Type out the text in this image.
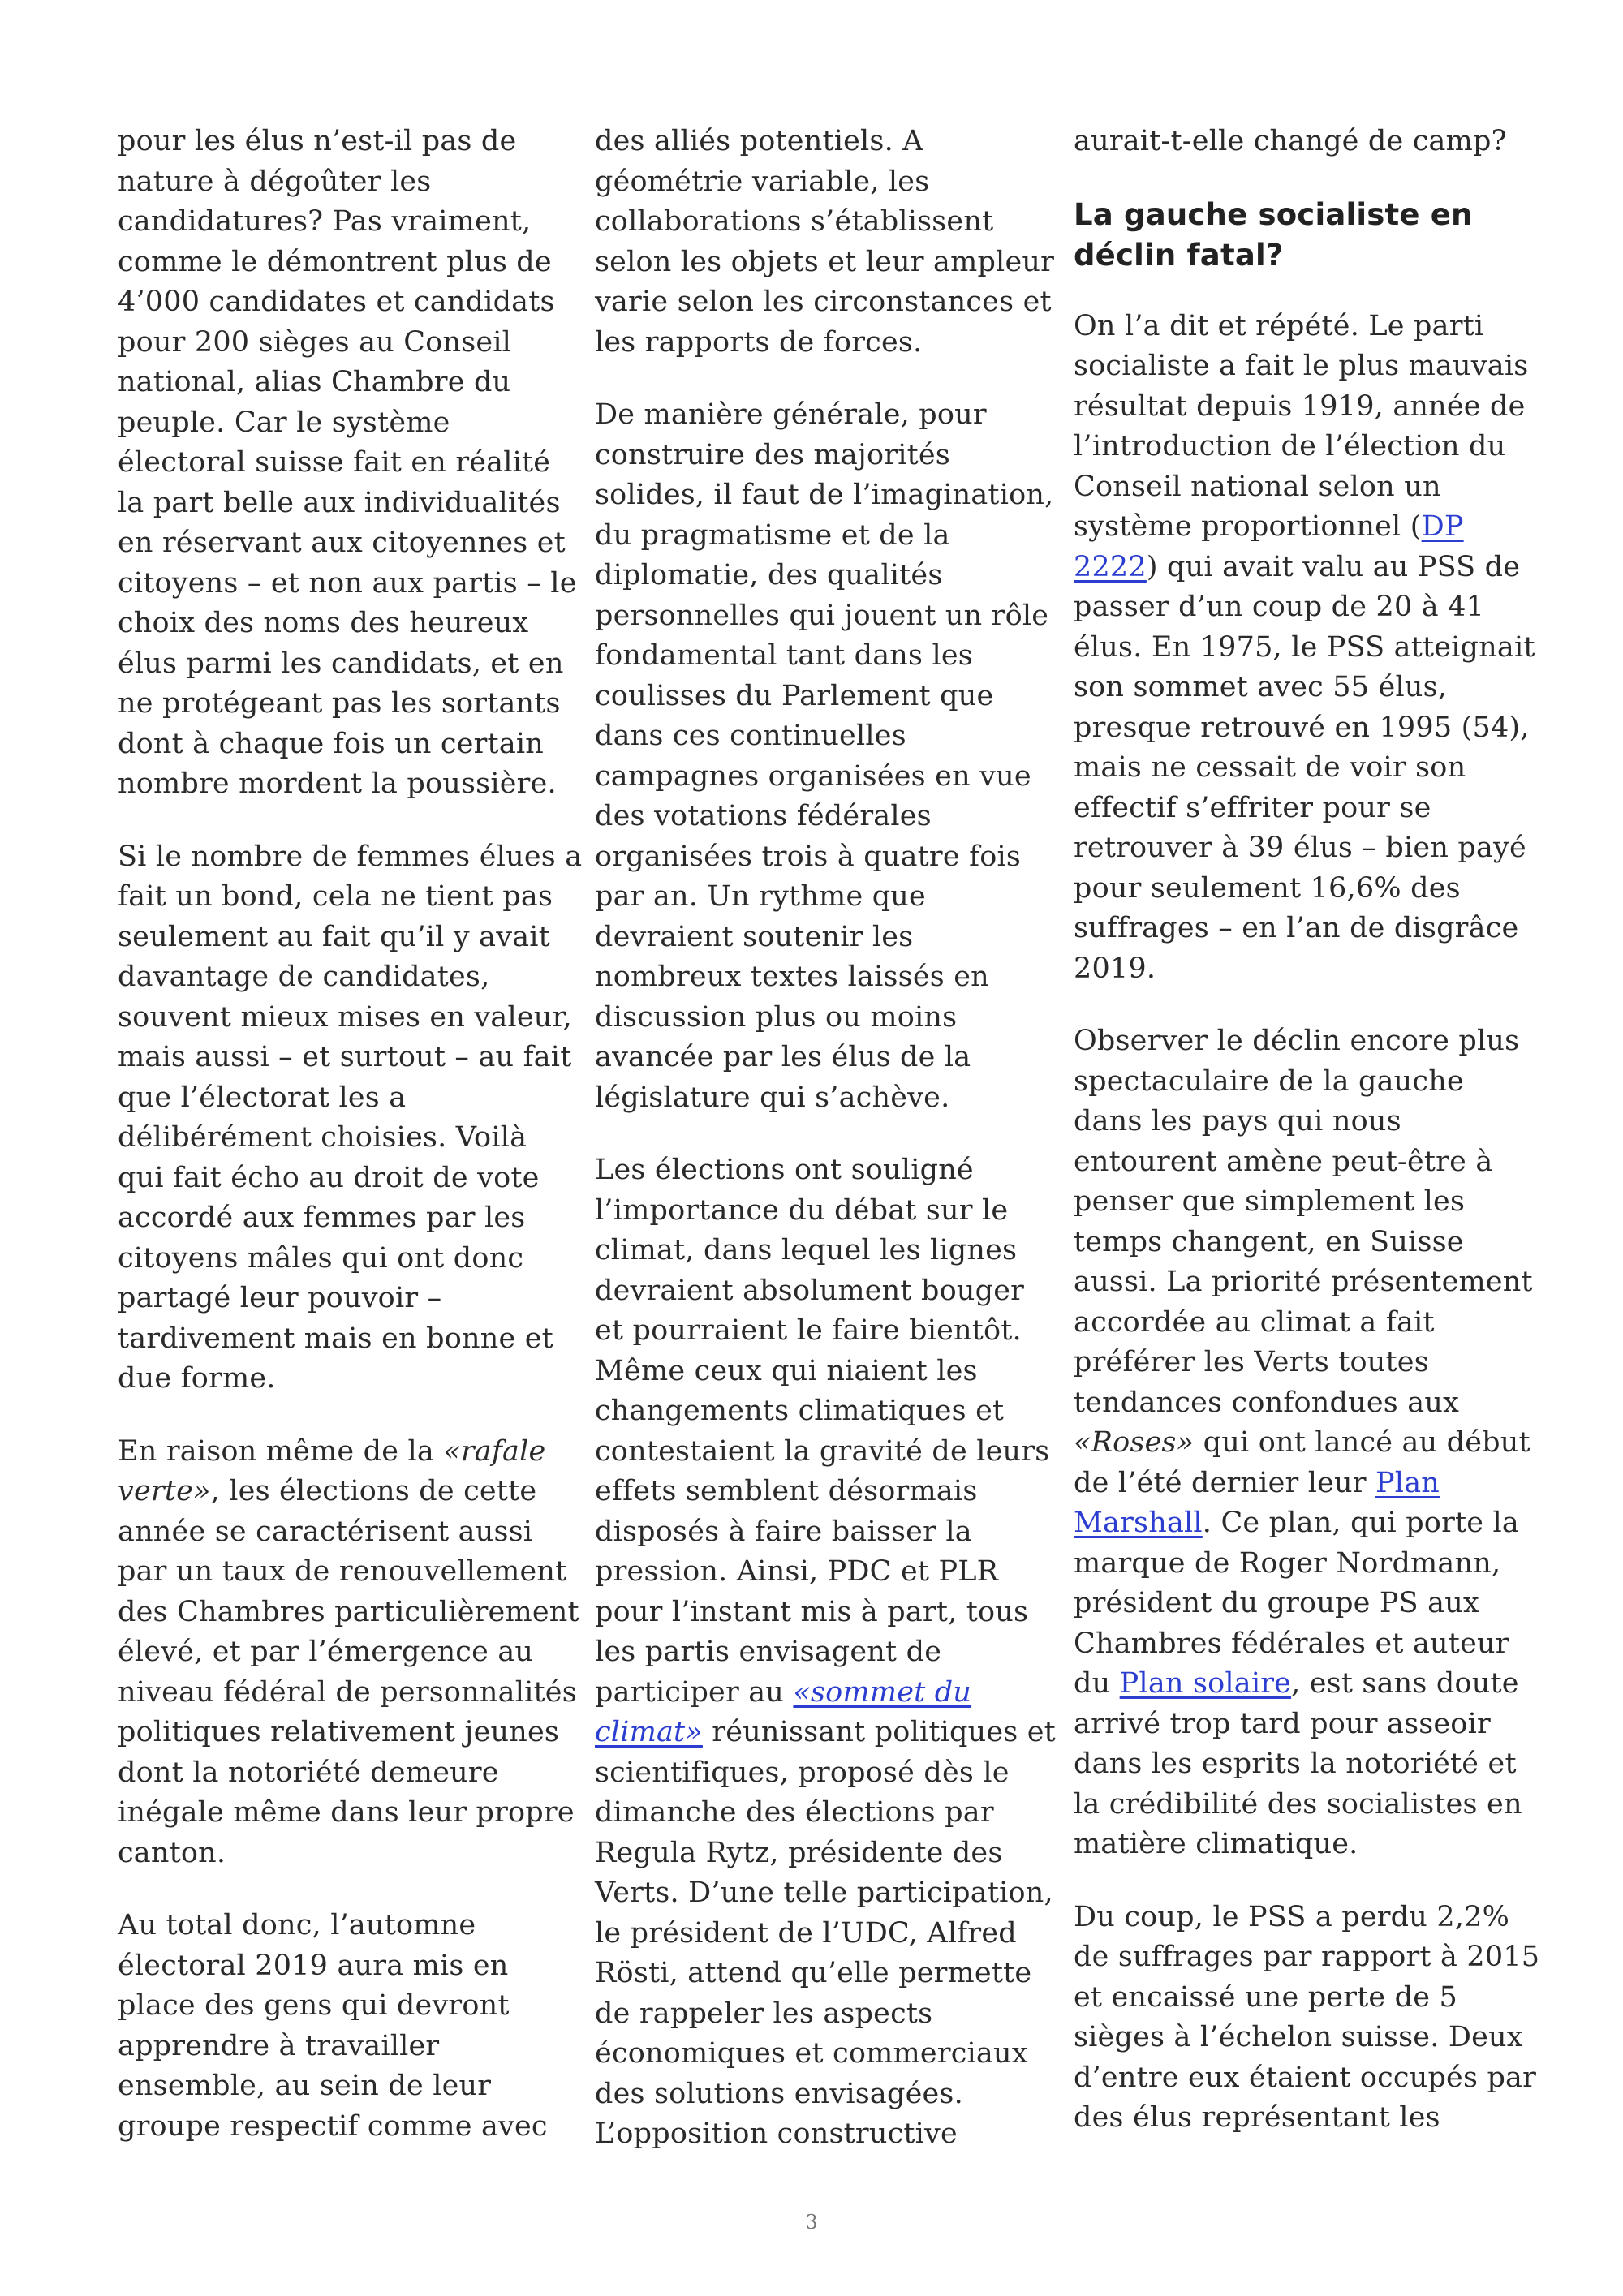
pour les élus n’est-il pas de
nature à dégoûter les
candidatures? Pas vraiment,
comme le démontrent plus de
4’000 candidates et candidats
pour 200 sièges au Conseil
national, alias Chambre du
peuple. Car le système
électoral suisse fait en réalité
la part belle aux individualités
en réservant aux citoyennes et
citoyens – et non aux partis – le
choix des noms des heureux
élus parmi les candidats, et en
ne protégeant pas les sortants
dont à chaque fois un certain
nombre mordent la poussière.
Si le nombre de femmes élues a
fait un bond, cela ne tient pas
seulement au fait qu’il y avait
davantage de candidates,
souvent mieux mises en valeur,
mais aussi – et surtout – au fait
que l’électorat les a
délibérément choisies. Voilà
qui fait écho au droit de vote
accordé aux femmes par les
citoyens mâles qui ont donc
partagé leur pouvoir –
tardivement mais en bonne et
due forme.
En raison même de la «rafale
verte», les élections de cette
année se caractérisent aussi
par un taux de renouvellement
des Chambres particulièrement
élevé, et par l’émergence au
niveau fédéral de personnalités
politiques relativement jeunes
dont la notoriété demeure
inégale même dans leur propre
canton.
Au total donc, l’automne
électoral 2019 aura mis en
place des gens qui devront
apprendre à travailler
ensemble, au sein de leur
groupe respectif comme avec
des alliés potentiels. A
géométrie variable, les
collaborations s’établissent
selon les objets et leur ampleur
varie selon les circonstances et
les rapports de forces.
De manière générale, pour
construire des majorités
solides, il faut de l’imagination,
du pragmatisme et de la
diplomatie, des qualités
personnelles qui jouent un rôle
fondamental tant dans les
coulisses du Parlement que
dans ces continuelles
campagnes organisées en vue
des votations fédérales
organisées trois à quatre fois
par an. Un rythme que
devraient soutenir les
nombreux textes laissés en
discussion plus ou moins
avancée par les élus de la
législature qui s’achève.
Les élections ont souligné
l’importance du débat sur le
climat, dans lequel les lignes
devraient absolument bouger
et pourraient le faire bientôt.
Même ceux qui niaient les
changements climatiques et
contestaient la gravité de leurs
effets semblent désormais
disposés à faire baisser la
pression. Ainsi, PDC et PLR
pour l’instant mis à part, tous
les partis envisagent de
participer au «sommet du
climat» réunissant politiques et
scientifiques, proposé dès le
dimanche des élections par
Regula Rytz, présidente des
Verts. D’une telle participation,
le président de l’UDC, Alfred
Rösti, attend qu’elle permette
de rappeler les aspects
économiques et commerciaux
des solutions envisagées.
L’opposition constructive
aurait-t-elle changé de camp?
La gauche socialiste en
déclin fatal?
On l’a dit et répété. Le parti
socialiste a fait le plus mauvais
résultat depuis 1919, année de
l’introduction de l’élection du
Conseil national selon un
système proportionnel (DP
2222) qui avait valu au PSS de
passer d’un coup de 20 à 41
élus. En 1975, le PSS atteignait
son sommet avec 55 élus,
presque retrouvé en 1995 (54),
mais ne cessait de voir son
effectif s’effriter pour se
retrouver à 39 élus – bien payé
pour seulement 16,6% des
suffrages – en l’an de disgrâce
2019.
Observer le déclin encore plus
spectaculaire de la gauche
dans les pays qui nous
entourent amène peut-être à
penser que simplement les
temps changent, en Suisse
aussi. La priorité présentement
accordée au climat a fait
préférer les Verts toutes
tendances confondues aux
«Roses» qui ont lancé au début
de l’été dernier leur Plan
Marshall. Ce plan, qui porte la
marque de Roger Nordmann,
président du groupe PS aux
Chambres fédérales et auteur
du Plan solaire, est sans doute
arrivé trop tard pour asseoir
dans les esprits la notoriété et
la crédibilité des socialistes en
matière climatique.
Du coup, le PSS a perdu 2,2%
de suffrages par rapport à 2015
et encaissé une perte de 5
sièges à l’échelon suisse. Deux
d’entre eux étaient occupés par
des élus représentant les
3
